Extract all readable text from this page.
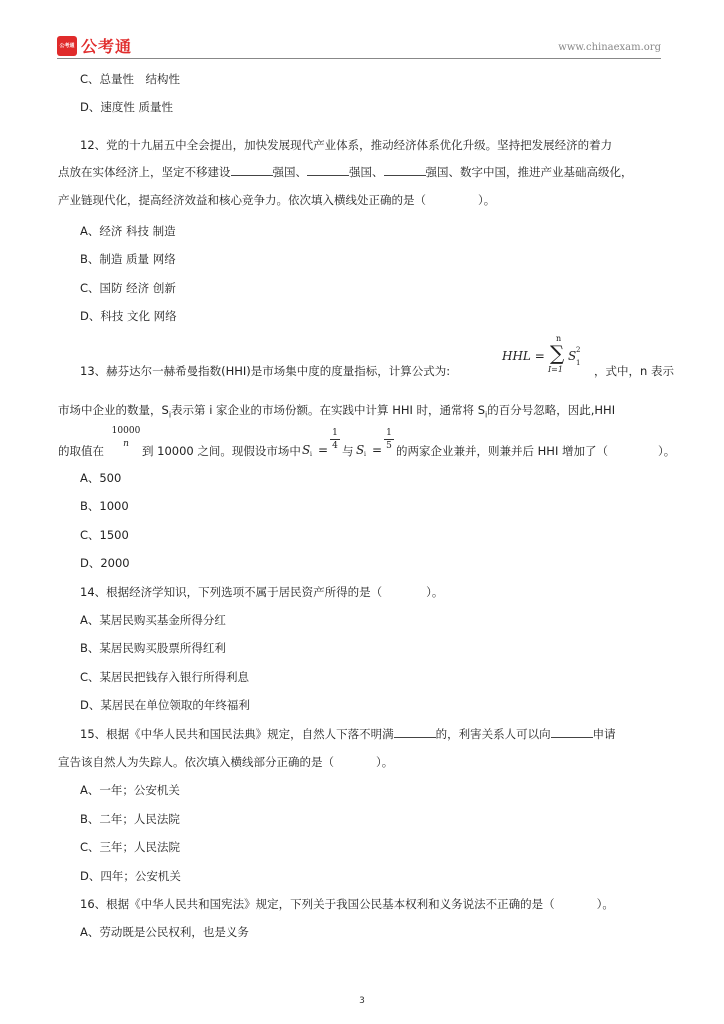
公考通 公考通	www.chinaexam.org
C、总量性　结构性
D、速度性 质量性
12、党的十九届五中全会提出，加快发展现代产业体系，推动经济体系优化升级。坚持把发展经济的着力
点放在实体经济上，坚定不移建设	强国、	强国、	强国、数字中国，推进产业基础高级化，
产业链现代化，提高经济效益和核心竞争力。依次填入横线处正确的是（	）。
A、经济 科技 制造
B、制造 质量 网络
C、国防 经济 创新
D、科技 文化 网络
13、赫芬达尔一赫希曼指数(HHI)是市场集中度的度量指标，计算公式为:
HHL =
n
∑
I=1
S 2
1
，式中，n 表示
市场中企业的数量，$S_i$表示第 i 家企业的市场份额。在实践中计算 HHI 时，通常将 $S_i$的百分号忽略，因此,HHI
的取值在
10000
n	到 10000 之间。现假设市场中 S i =
1
4 与 S i =
1
5 的两家企业兼并，则兼并后 HHI 增加了（	）。
A、500
B、1000
C、1500
D、2000
14、根据经济学知识，下列选项不属于居民资产所得的是（	）。
A、某居民购买基金所得分红
B、某居民购买股票所得红利
C、某居民把钱存入银行所得利息
D、某居民在单位领取的年终福利
15、根据《中华人民共和国民法典》规定，自然人下落不明满	的，利害关系人可以向	申请
宣告该自然人为失踪人。依次填入横线部分正确的是（	）。
A、一年；公安机关
B、二年；人民法院
C、三年；人民法院
D、四年；公安机关
16、根据《中华人民共和国宪法》规定，下列关于我国公民基本权利和义务说法不正确的是（	）。
A、劳动既是公民权利，也是义务
3
